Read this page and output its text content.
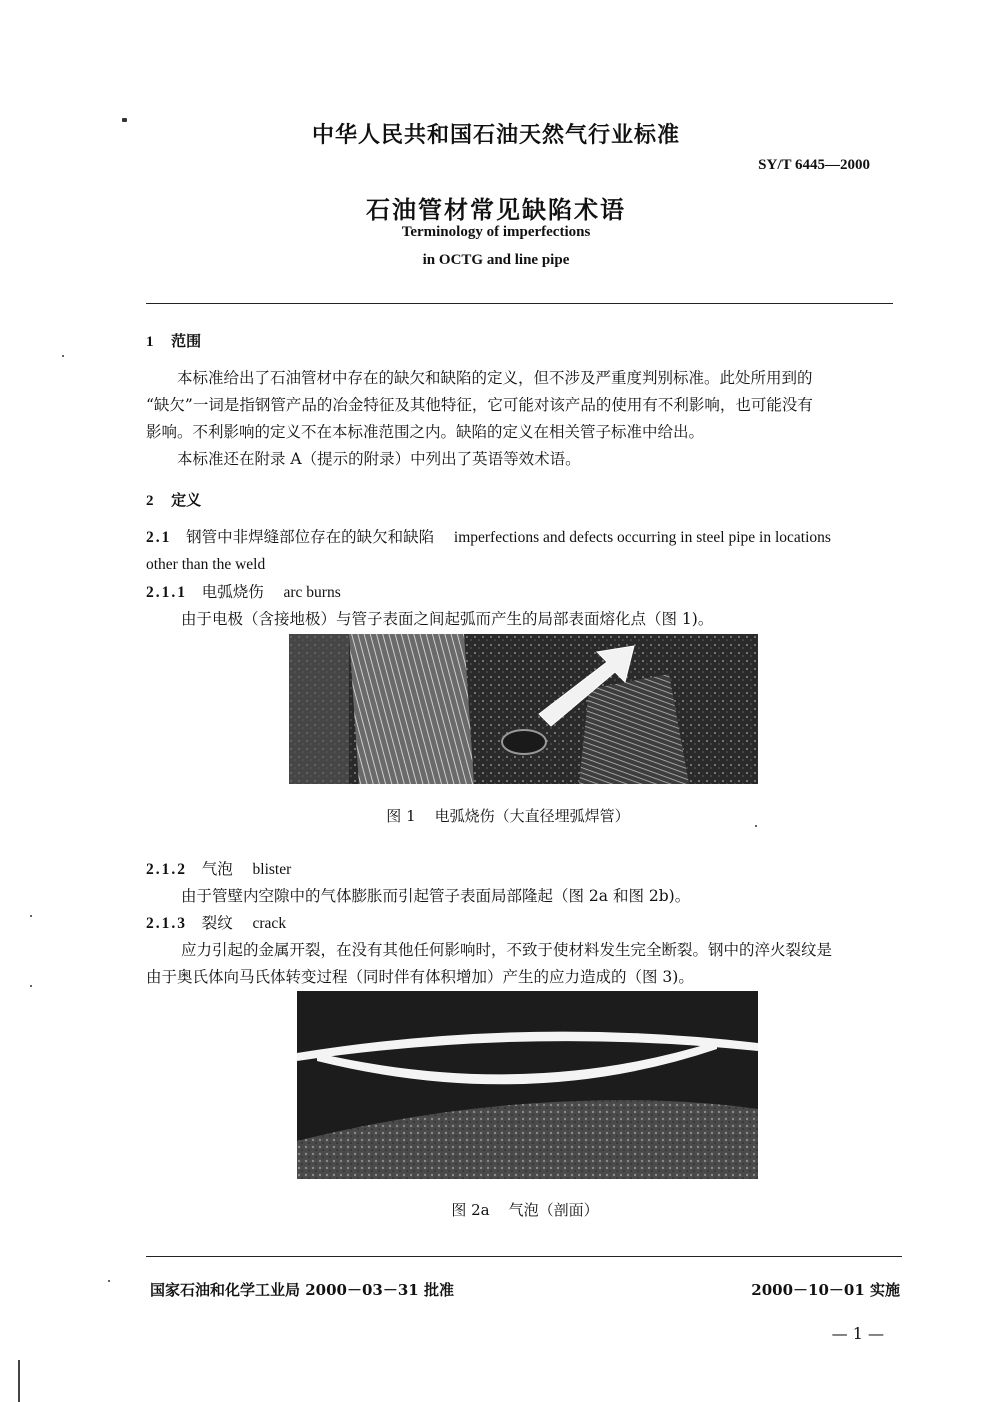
中华人民共和国石油天然气行业标准
SY/T 6445—2000
石油管材常见缺陷术语
Terminology of imperfections
in OCTG and line pipe
1 范围

本标准给出了石油管材中存在的缺欠和缺陷的定义，但不涉及严重度判别标准。此处所用到的

“缺欠”一词是指钢管产品的冶金特征及其他特征，它可能对该产品的使用有不利影响，也可能没有

影响。不利影响的定义不在本标准范围之内。缺陷的定义在相关管子标准中给出。

本标准还在附录 A（提示的附录）中列出了英语等效术语。

2 定义

2.1 钢管中非焊缝部位存在的缺欠和缺陷 imperfections and defects occurring in steel pipe in locations

other than the weld

2.1.1 电弧烧伤 arc burns

由于电极（含接地极）与管子表面之间起弧而产生的局部表面熔化点（图 1)。

图 1    电弧烧伤（大直径埋弧焊管）

2.1.2 气泡 blister

由于管壁内空隙中的气体膨胀而引起管子表面局部隆起（图 2a 和图 2b)。

2.1.3 裂纹 crack

应力引起的金属开裂，在没有其他任何影响时，不致于使材料发生完全断裂。钢中的淬火裂纹是

由于奥氏体向马氏体转变过程（同时伴有体积增加）产生的应力造成的（图 3)。

图 2a    气泡（剖面）
国家石油和化学工业局 2000－03－31 批准	2000－10－01 实施
— 1 —
